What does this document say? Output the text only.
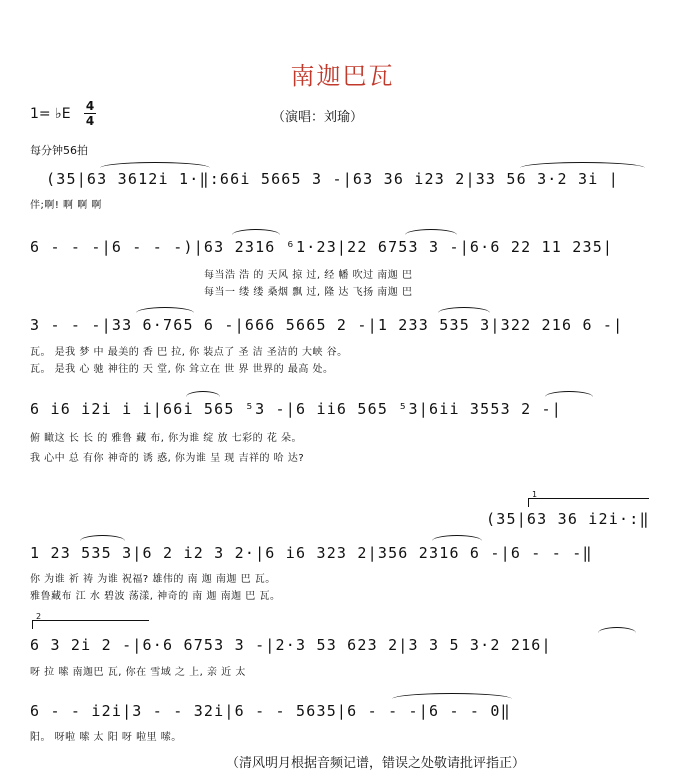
南迦巴瓦
1= ♭E 4
4	（演唱：刘瑜）
每分钟56拍
(35|63 3612i 1·‖:66i 5665 3 -|63 36 i23 2|33 56 3·2 3i |
伴;啊! 啊 啊 啊
6 - - -|6 - - -)|63 2316 ⁶1·23|22 6753 3 -|6·6 22 11 235|
每当浩 浩 的 天风 掠 过, 经 幡 吹过 南迦 巴
每当一 缕 缕 桑烟 飘 过, 隆 达 飞扬 南迦 巴
3 - - -|33 6·765 6 -|666 5665 2 -|1 233 535 3|322 216 6 -|
瓦。 是我 梦 中 最美的 香 巴 拉, 你 装点了 圣 洁 圣洁的 大峡 谷。
瓦。 是我 心 驰 神往的 天 堂, 你 耸立在 世 界 世界的 最高 处。
6 i6 i2i i i|66i 565 ⁵3 -|6 ii6 565 ⁵3|6ii 3553 2 -|
俯 瞰这 长 长 的 雅鲁 藏 布, 你为谁 绽 放 七彩的 花 朵。
我 心中 总 有你 神奇的 诱 惑, 你为谁 呈 现 吉祥的 哈 达?
1
(35|63 36 i2i·:‖
1 23 535 3|6 2 i2 3 2·|6 i6 323 2|356 2316 6 -|6 - - -‖
你 为谁 祈 祷 为谁 祝福? 雄伟的 南 迦 南迦 巴 瓦。
雅鲁藏布 江 水 碧波 荡漾, 神奇的 南 迦 南迦 巴 瓦。
2
6 3 2i 2 -|6·6 6753 3 -|2·3 53 623 2|3 3 5 3·2 216|
呀 拉 嗦 南迦巴 瓦, 你在 雪域 之 上, 亲 近 太
6 - - i2i|3 - - 32i|6 - - 5635|6 - - -|6 - - 0‖
阳。 呀啦 嗦 太 阳 呀 啦里 嗦。
（清风明月根据音频记谱，错误之处敬请批评指正）
